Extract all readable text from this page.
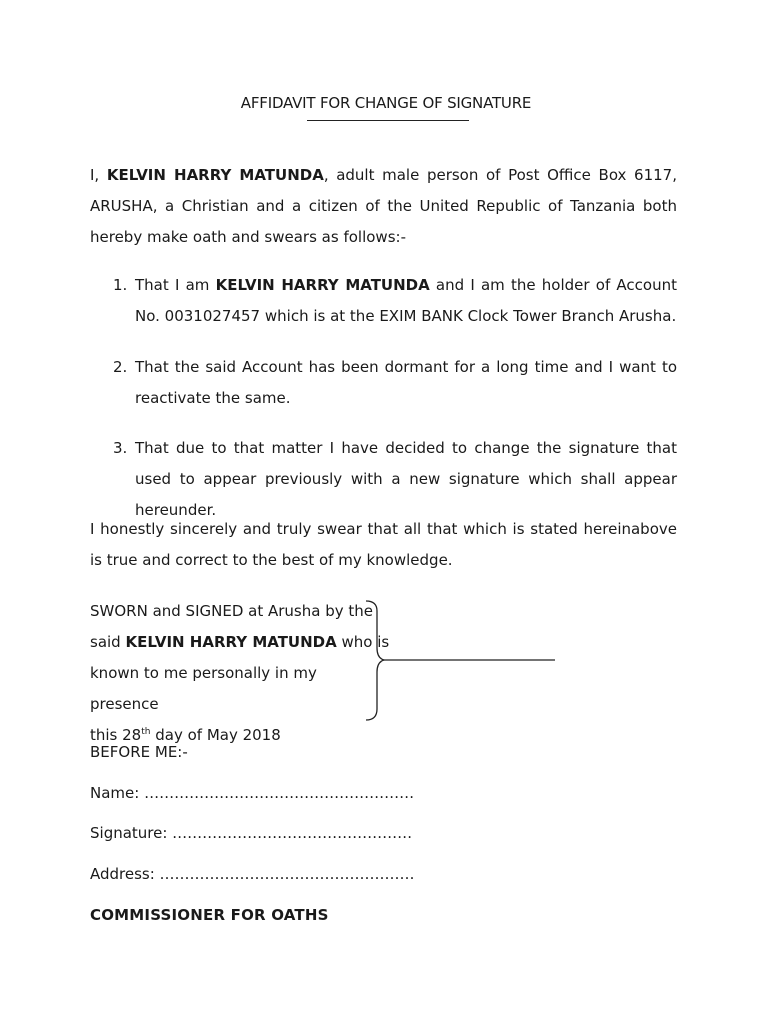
AFFIDAVIT FOR CHANGE OF SIGNATURE

I, KELVIN HARRY MATUNDA, adult male person of Post Office Box 6117, ARUSHA, a Christian and a citizen of the United Republic of Tanzania both hereby make oath and swears as follows:-

1. That I am KELVIN HARRY MATUNDA and I am the holder of Account No. 0031027457 which is at the EXIM BANK Clock Tower Branch Arusha.
2. That the said Account has been dormant for a long time and I want to reactivate the same.
3. That due to that matter I have decided to change the signature that used to appear previously with a new signature which shall appear hereunder.

I honestly sincerely and truly swear that all that which is stated hereinabove is true and correct to the best of my knowledge.

SWORN and SIGNED at Arusha by the
said KELVIN HARRY MATUNDA who is
known to me personally in my presence
this 28th day of May 2018
BEFORE ME:-
Name: ………………………………………………
Signature: …………………………………………
Address: ……………………………………………
COMMISSIONER FOR OATHS
